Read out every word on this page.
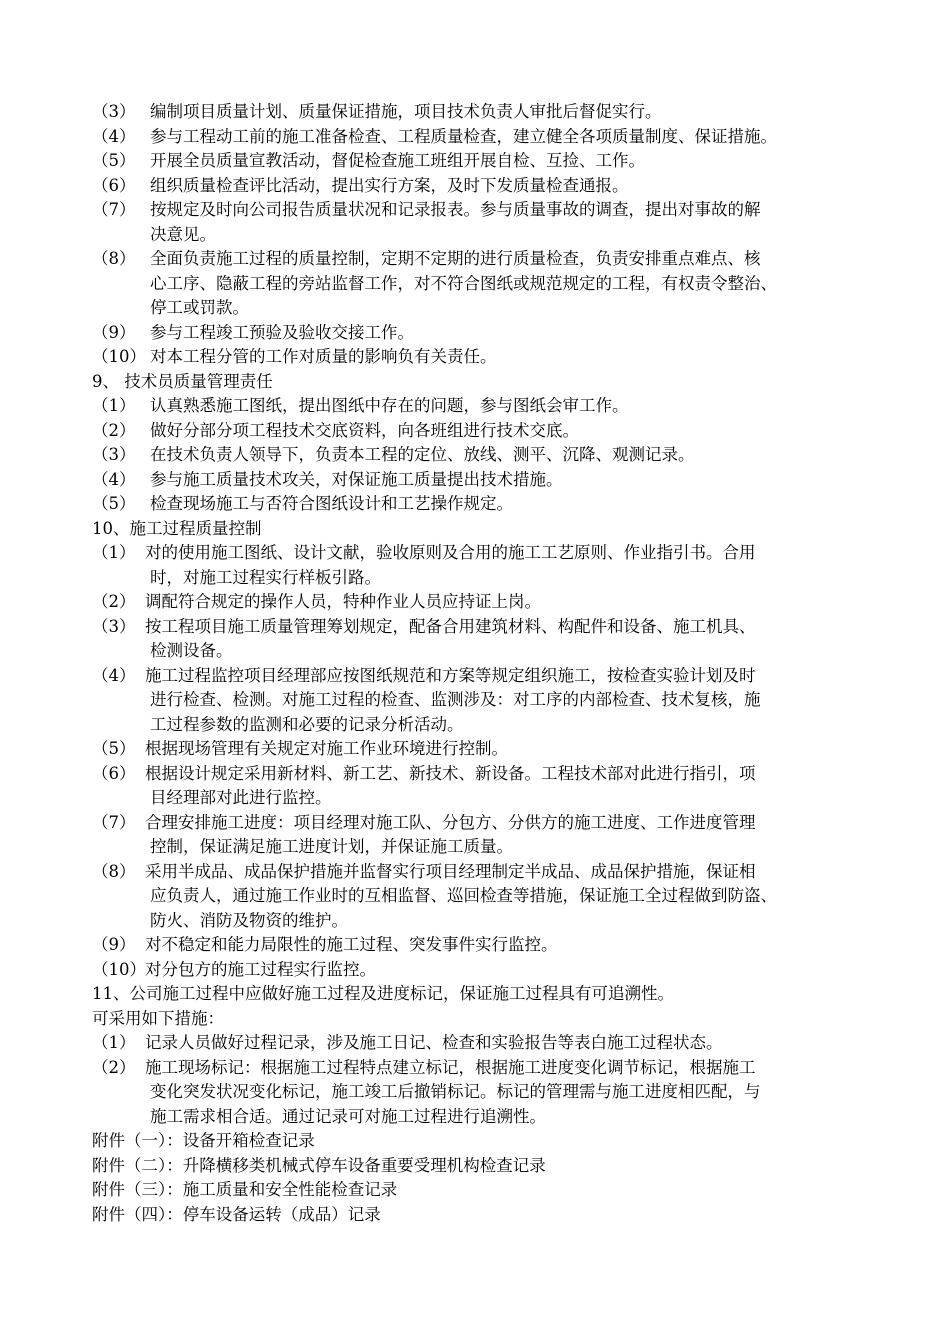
（3） 编制项目质量计划、质量保证措施，项目技术负责人审批后督促实行。
（4） 参与工程动工前的施工准备检查、工程质量检查，建立健全各项质量制度、保证措施。
（5） 开展全员质量宣教活动，督促检查施工班组开展自检、互捡、工作。
（6） 组织质量检查评比活动，提出实行方案，及时下发质量检查通报。
（7） 按规定及时向公司报告质量状况和记录报表。参与质量事故的调查，提出对事故的解
决意见。
（8） 全面负责施工过程的质量控制，定期不定期的进行质量检查，负责安排重点难点、核
心工序、隐蔽工程的旁站监督工作，对不符合图纸或规范规定的工程，有权责令整治、
停工或罚款。
（9） 参与工程竣工预验及验收交接工作。
（10） 对本工程分管的工作对质量的影响负有关责任。
9、 技术员质量管理责任
（1） 认真熟悉施工图纸，提出图纸中存在的问题，参与图纸会审工作。
（2） 做好分部分项工程技术交底资料，向各班组进行技术交底。
（3） 在技术负责人领导下，负责本工程的定位、放线、测平、沉降、观测记录。
（4） 参与施工质量技术攻关，对保证施工质量提出技术措施。
（5） 检查现场施工与否符合图纸设计和工艺操作规定。
10、施工过程质量控制
（1） 对的使用施工图纸、设计文献，验收原则及合用的施工工艺原则、作业指引书。合用
时，对施工过程实行样板引路。
（2） 调配符合规定的操作人员，特种作业人员应持证上岗。
（3） 按工程项目施工质量管理筹划规定，配备合用建筑材料、构配件和设备、施工机具、
检测设备。
（4） 施工过程监控项目经理部应按图纸规范和方案等规定组织施工，按检查实验计划及时
进行检查、检测。对施工过程的检查、监测涉及：对工序的内部检查、技术复核，施
工过程参数的监测和必要的记录分析活动。
（5） 根据现场管理有关规定对施工作业环境进行控制。
（6） 根据设计规定采用新材料、新工艺、新技术、新设备。工程技术部对此进行指引，项
目经理部对此进行监控。
（7） 合理安排施工进度：项目经理对施工队、分包方、分供方的施工进度、工作进度管理
控制，保证满足施工进度计划，并保证施工质量。
（8） 采用半成品、成品保护措施并监督实行项目经理制定半成品、成品保护措施，保证相
应负责人，通过施工作业时的互相监督、巡回检查等措施，保证施工全过程做到防盗、
防火、消防及物资的维护。
（9） 对不稳定和能力局限性的施工过程、突发事件实行监控。
（10） 对分包方的施工过程实行监控。
11、公司施工过程中应做好施工过程及进度标记，保证施工过程具有可追溯性。
可采用如下措施：
（1） 记录人员做好过程记录，涉及施工日记、检查和实验报告等表白施工过程状态。
（2） 施工现场标记：根据施工过程特点建立标记，根据施工进度变化调节标记，根据施工
变化突发状况变化标记，施工竣工后撤销标记。标记的管理需与施工进度相匹配，与
施工需求相合适。通过记录可对施工过程进行追溯性。
附件（一）：设备开箱检查记录
附件（二）：升降横移类机械式停车设备重要受理机构检查记录
附件（三）：施工质量和安全性能检查记录
附件（四）：停车设备运转（成品）记录
